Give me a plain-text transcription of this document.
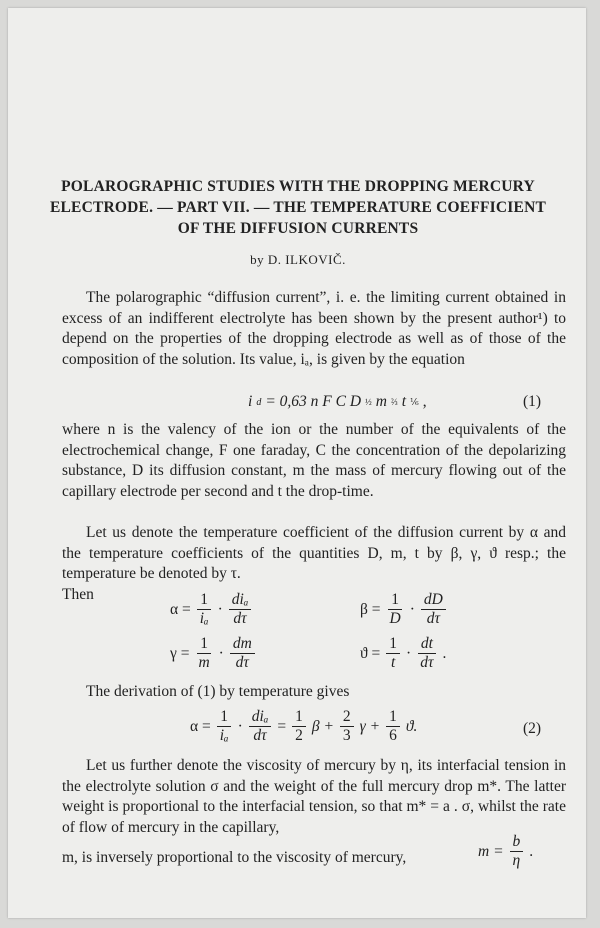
POLAROGRAPHIC STUDIES WITH THE DROPPING MERCURY
ELECTRODE. — PART VII. — THE TEMPERATURE COEFFICIENT
OF THE DIFFUSION CURRENTS
by D. ILKOVIČ.
The polarographic “diffusion current”, i. e. the limiting current obtained in excess of an indifferent electrolyte has been shown by the present author¹) to depend on the properties of the dropping electrode as well as of those of the composition of the solution. Its value, iₐ, is given by the equation
i d = 0,63 n F C D ½ m ⅔ t ⅙ ,	(1)
where n is the valency of the ion or the number of the equivalents of the electrochemical change, F one faraday, C the concentration of the depolarizing substance, D its diffusion constant, m the mass of mercury flowing out of the capillary electrode per second and t the drop-time.
Let us denote the temperature coefficient of the diffusion current by α and the temperature coefficients of the quantities D, m, t by β, γ, ϑ resp.; the temperature be denoted by τ.
Then
$\alpha = \frac{1}{\text{iₐ}} \cdot \frac{\text{diₐ}}{d\tau}$	$\beta = \frac{1}{D} \cdot \frac{dD}{d\tau}$
$\gamma = \frac{1}{m} \cdot \frac{dm}{d\tau}$	$ϑ = \frac{1}{t} \cdot \frac{dt}{d\tau}$ .
The derivation of (1) by temperature gives
$\alpha = \frac{1}{\text{iₐ}} \cdot \frac{\text{diₐ}}{d\tau} = \frac{1}{2}$ $\beta + \frac{2}{3}$ $\gamma + \frac{1}{6} ϑ$.	(2)
Let us further denote the viscosity of mercury by η, its interfacial tension in the electrolyte solution σ and the weight of the full mercury drop m*. The latter weight is proportional to the interfacial tension, so that m* = a . σ, whilst the rate of flow of mercury in the capillary,
m, is inversely proportional to the viscosity of mercury,	$m = \frac{b}{\eta}$ .
